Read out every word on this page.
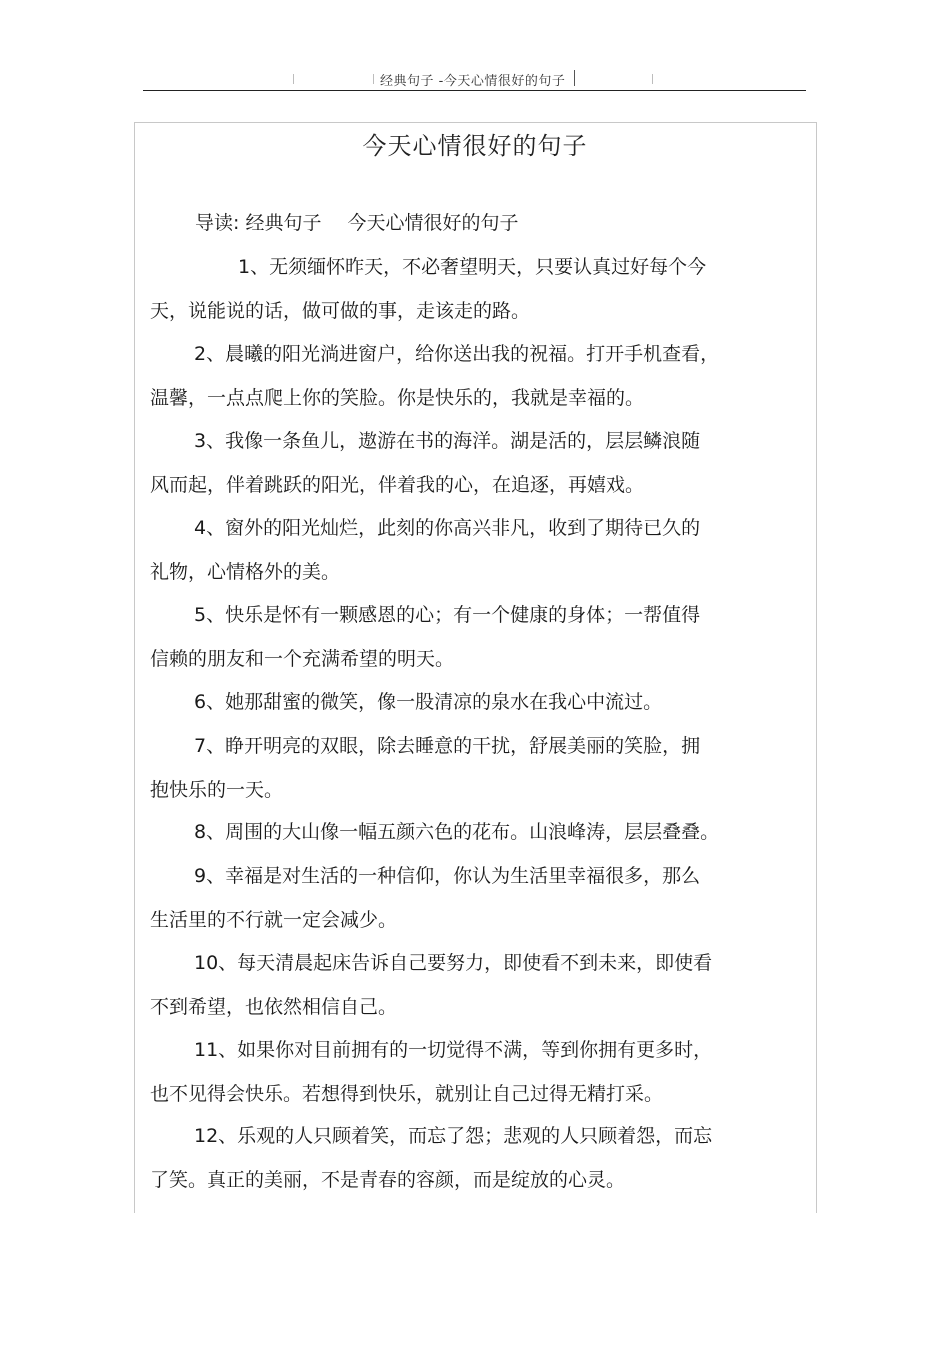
经典句子 -今天心情很好的句子
今天心情很好的句子
导读: 经典句子 今天心情很好的句子
1、无须缅怀昨天，不必奢望明天，只要认真过好每个今
天，说能说的话，做可做的事，走该走的路。
2、晨曦的阳光淌进窗户，给你送出我的祝福。打开手机查看，
温馨，一点点爬上你的笑脸。你是快乐的，我就是幸福的。
3、我像一条鱼儿，遨游在书的海洋。湖是活的，层层鳞浪随
风而起，伴着跳跃的阳光，伴着我的心，在追逐，再嬉戏。
4、窗外的阳光灿烂，此刻的你高兴非凡，收到了期待已久的
礼物，心情格外的美。
5、快乐是怀有一颗感恩的心；有一个健康的身体；一帮值得
信赖的朋友和一个充满希望的明天。
6、她那甜蜜的微笑，像一股清凉的泉水在我心中流过。
7、睁开明亮的双眼，除去睡意的干扰，舒展美丽的笑脸，拥
抱快乐的一天。
8、周围的大山像一幅五颜六色的花布。山浪峰涛，层层叠叠。
9、幸福是对生活的一种信仰，你认为生活里幸福很多，那么
生活里的不行就一定会减少。
10、每天清晨起床告诉自己要努力，即使看不到未来，即使看
不到希望，也依然相信自己。
11、如果你对目前拥有的一切觉得不满，等到你拥有更多时，
也不见得会快乐。若想得到快乐，就别让自己过得无精打采。
12、乐观的人只顾着笑，而忘了怨；悲观的人只顾着怨，而忘
了笑。真正的美丽，不是青春的容颜，而是绽放的心灵。
